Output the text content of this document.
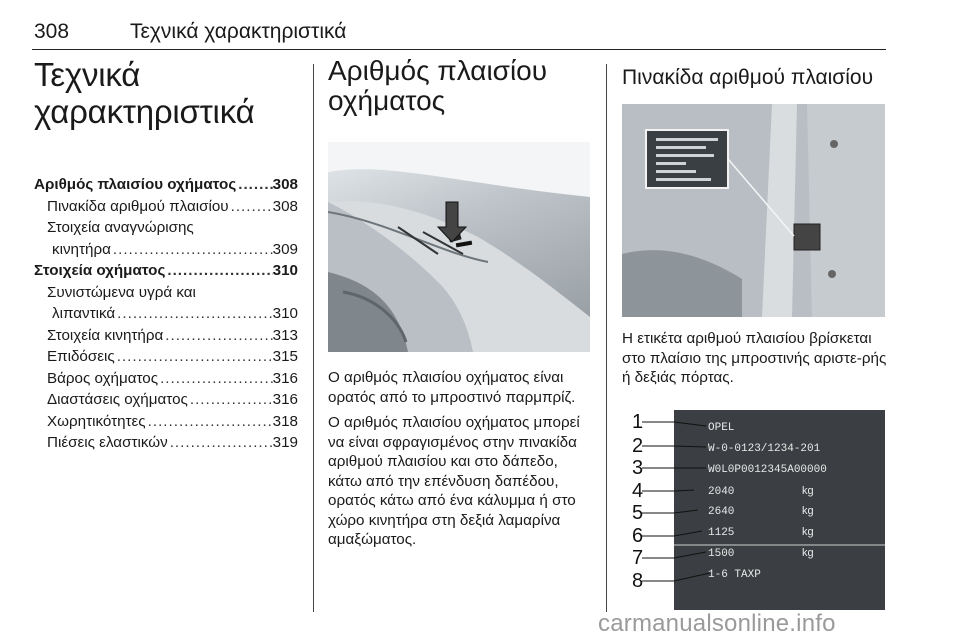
308	Τεχνικά χαρακτηριστικά
Τεχνικά
χαρακτηριστικά
Αριθμός πλαισίου οχήματος ..... 308
Πινακίδα αριθμού πλαισίου .....	308
Στοιχεία αναγνώρισης
κινητήρα .....	309
Στοιχεία οχήματος .....	310
Συνιστώμενα υγρά και
λιπαντικά .....	310
Στοιχεία κινητήρα .....	313
Επιδόσεις .....	315
Βάρος οχήματος .....	316
Διαστάσεις οχήματος .....	316
Χωρητικότητες .....	318
Πιέσεις ελαστικών .....	319
Αριθμός πλαισίου
οχήματος

Ο αριθμός πλαισίου οχήματος είναι ορατός από το μπροστινό παρμπρίζ.

Ο αριθμός πλαισίου οχήματος μπορεί να είναι σφραγισμένος στην πινακίδα αριθμού πλαισίου και στο δάπεδο, κάτω από την επένδυση δαπέδου, ορατός κάτω από ένα κάλυμμα ή στο χώρο κινητήρα στη δεξιά λαμαρίνα αμαξώματος.

Πινακίδα αριθμού πλαισίου

Η ετικέτα αριθμού πλαισίου βρίσκεται στο πλαίσιο της μπροστινής αριστε-ρής ή δεξιάς πόρτας.

1
2
3
4
5
6
7
8
OPEL
W-0-0123/1234-201
W0L0P0012345A00000
2040
2640
1125
1500
1-6 TAXP
kg
kg
kg
kg
carmanualsonline.info
